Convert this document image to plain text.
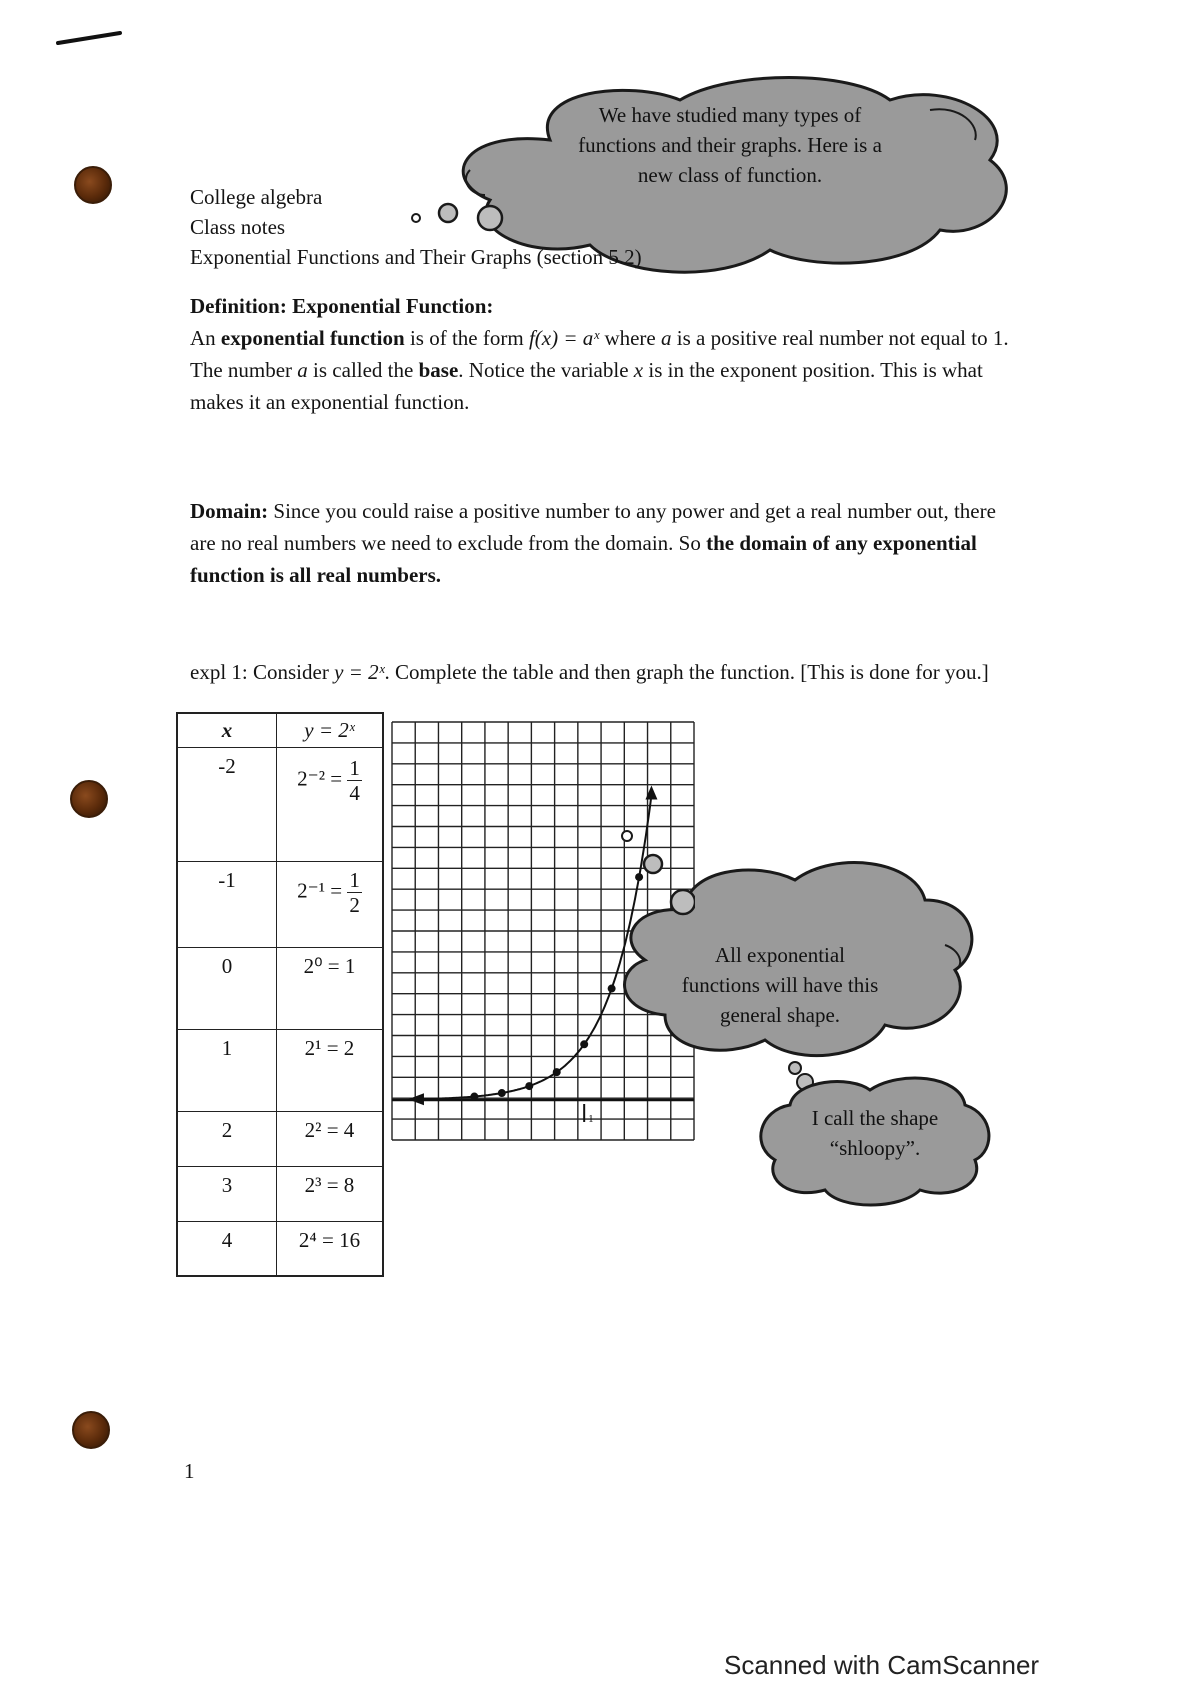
We have studied many types of
functions and their graphs. Here is a
new class of function.
College algebra
Class notes
Exponential Functions and Their Graphs (section 5.2)
Definition: Exponential Function:
An exponential function is of the form f(x) = aˣ where a is a positive real number not equal to 1. The number a is called the base. Notice the variable x is in the exponent position. This is what makes it an exponential function.
Domain: Since you could raise a positive number to any power and get a real number out, there are no real numbers we need to exclude from the domain. So the domain of any exponential function is all real numbers.
expl 1: Consider y = 2ˣ. Complete the table and then graph the function. [This is done for you.]
x	y = 2ˣ
-2	$2^{-2} = \frac{1}{4}$

-1	$2^{-1} = \frac{1}{2}$

0	2⁰ = 1
1	2¹ = 2
2	2² = 4
3	2³ = 8
4	2⁴ = 16
1
All exponential
functions will have this
general shape.
I call the shape
“shloopy”.
1
Scanned with CamScanner
